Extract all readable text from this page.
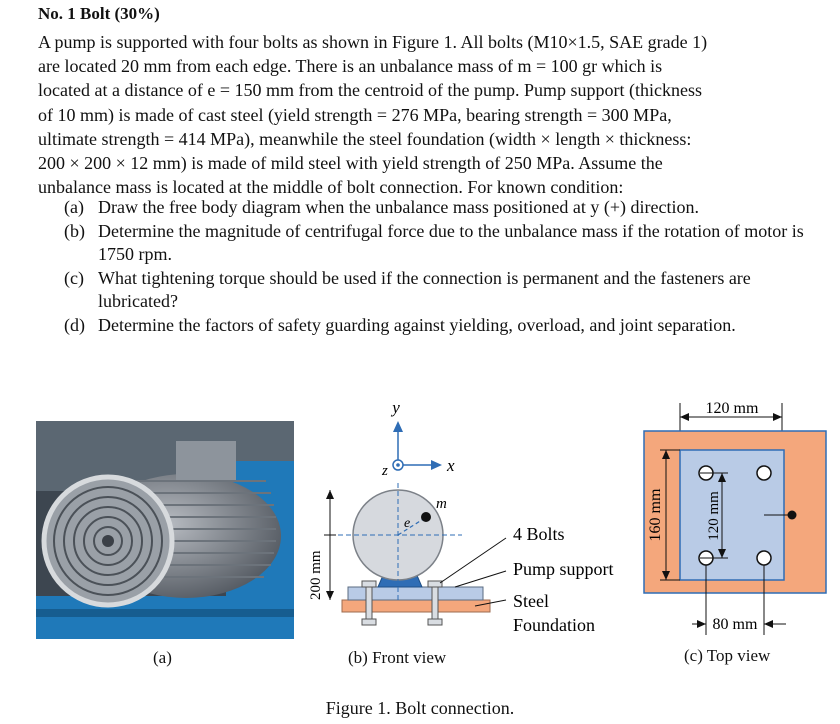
No. 1 Bolt (30%)
A pump is supported with four bolts as shown in Figure 1. All bolts (M10×1.5, SAE grade 1)
are located 20 mm from each edge. There is an unbalance mass of m = 100 gr which is
located at a distance of e = 150 mm from the centroid of the pump. Pump support (thickness
of 10 mm) is made of cast steel (yield strength = 276 MPa, bearing strength = 300 MPa,
ultimate strength = 414 MPa), meanwhile the steel foundation (width × length × thickness:
200 × 200 × 12 mm) is made of mild steel with yield strength of 250 MPa. Assume the
unbalance mass is located at the middle of bolt connection. For known condition:
(a) Draw the free body diagram when the unbalance mass positioned at y (+) direction.
(b) Determine the magnitude of centrifugal force due to the unbalance mass if the rotation of motor is 1750 rpm.
(c) What tightening torque should be used if the connection is permanent and the fasteners are lubricated?
(d) Determine the factors of safety guarding against yielding, overload, and joint separation.
y
x
z
m
e
200 mm
4 Bolts
Pump support
Steel
Foundation
120 mm
160 mm	120 mm
80 mm
(a)	(b) Front view	(c) Top view
Figure 1. Bolt connection.
